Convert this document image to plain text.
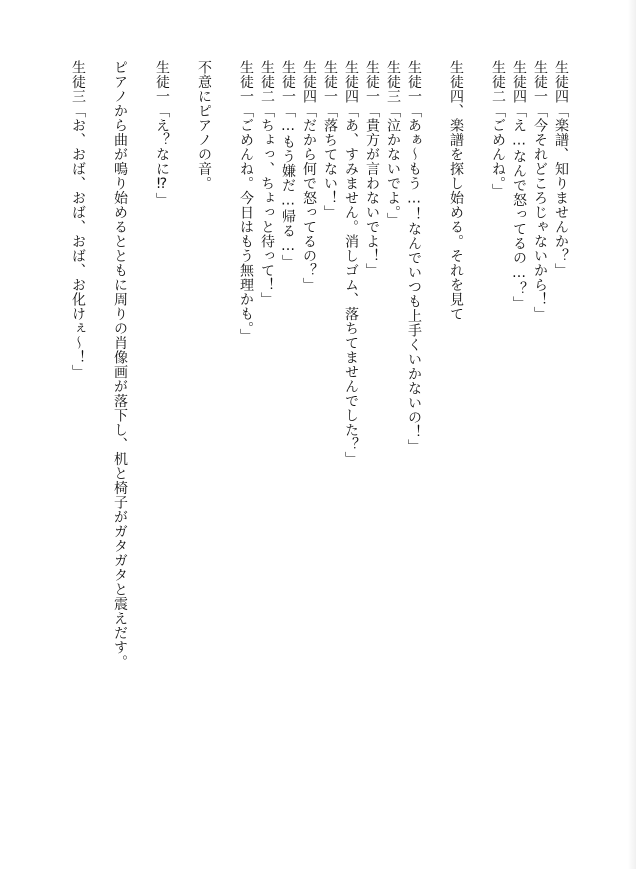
生徒四「楽譜、知りませんか？」

生徒一「今それどころじゃないから！」

生徒四「え…なんで怒ってるの…？」

生徒二「ごめんね。」

生徒四、楽譜を探し始める。それを見て

生徒一「あぁ〜もう…！なんでいつも上手くいかないの！」

生徒三「泣かないでよ。」

生徒一「貴方が言わないでよ！」

生徒四「あ、すみません。消しゴム、落ちてませんでした？」

生徒一「落ちてない！」

生徒四「だから何で怒ってるの？」

生徒一「…もう嫌だ…帰る…」

生徒二「ちょっ、ちょっと待って！」

生徒一「ごめんね。今日はもう無理かも。」

不意にピアノの音。

生徒一「え？なに⁉」

ピアノから曲が鳴り始めるとともに周りの肖像画が落下し、机と椅子がガタガタと震えだす。

生徒三「お、おば、おば、おば、お化けぇ〜！」
